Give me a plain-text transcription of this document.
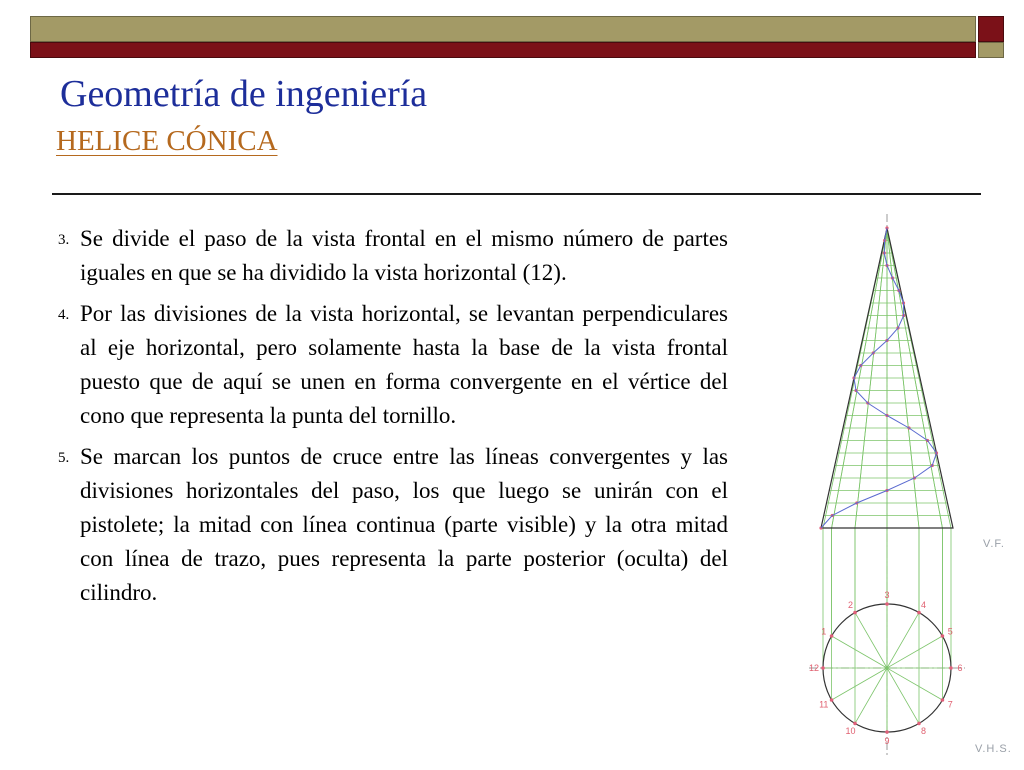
Geometría de ingeniería
HELICE CÓNICA
3. Se divide el paso de la vista frontal en el mismo número de partes iguales en que se ha dividido la vista horizontal (12).
4. Por las divisiones de la vista horizontal, se levantan perpendiculares al eje horizontal, pero solamente hasta la base de la vista frontal puesto que de aquí se unen en forma convergente en el vértice del cono que representa la punta del tornillo.
5. Se marcan los puntos de cruce entre las líneas convergentes y las divisiones horizontales del paso, los que luego se unirán con el pistolete; la mitad con línea continua (parte visible) y la otra mitad con línea de trazo, pues representa la parte posterior (oculta) del cilindro.
1
2
3
4
5
6
7
8
9
10
11
12
V.F.
V.H.S.
